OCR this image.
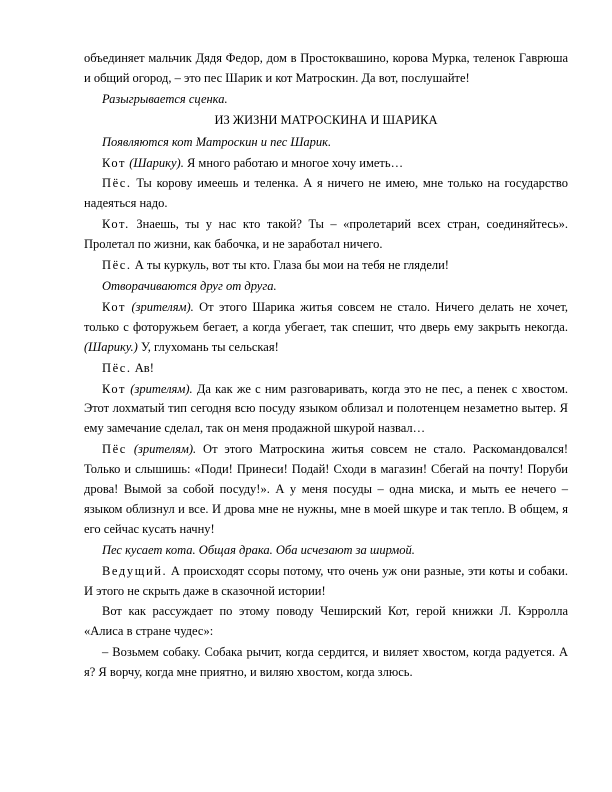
объединяет мальчик Дядя Федор, дом в Простоквашино, корова Мурка, теленок Гаврюша и общий огород, – это пес Шарик и кот Матроскин. Да вот, послушайте!

Разыгрывается сценка.

ИЗ ЖИЗНИ МАТРОСКИНА И ШАРИКА

Появляются кот Матроскин и пес Шарик.

Кот (Шарику). Я много работаю и многое хочу иметь…

Пёс. Ты корову имеешь и теленка. А я ничего не имею, мне только на государство надеяться надо.

Кот. Знаешь, ты у нас кто такой? Ты – «пролетарий всех стран, соединяйтесь». Пролетал по жизни, как бабочка, и не заработал ничего.

Пёс. А ты куркуль, вот ты кто. Глаза бы мои на тебя не глядели!

Отворачиваются друг от друга.

Кот (зрителям). От этого Шарика житья совсем не стало. Ничего делать не хочет, только с фоторужьем бегает, а когда убегает, так спешит, что дверь ему закрыть некогда. (Шарику.) У, глухомань ты сельская!

Пёс. Ав!

Кот (зрителям). Да как же с ним разговаривать, когда это не пес, а пенек с хвостом. Этот лохматый тип сегодня всю посуду языком облизал и полотенцем незаметно вытер. Я ему замечание сделал, так он меня продажной шкурой назвал…

Пёс (зрителям). От этого Матроскина житья совсем не стало. Раскомандовался! Только и слышишь: «Поди! Принеси! Подай! Сходи в магазин! Сбегай на почту! Поруби дрова! Вымой за собой посуду!». А у меня посуды – одна миска, и мыть ее нечего – языком облизнул и все. И дрова мне не нужны, мне в моей шкуре и так тепло. В общем, я его сейчас кусать начну!

Пес кусает кота. Общая драка. Оба исчезают за ширмой.

Ведущий. А происходят ссоры потому, что очень уж они разные, эти коты и собаки. И этого не скрыть даже в сказочной истории!

Вот как рассуждает по этому поводу Чеширский Кот, герой книжки Л. Кэрролла «Алиса в стране чудес»:

– Возьмем собаку. Собака рычит, когда сердится, и виляет хвостом, когда радуется. А я? Я ворчу, когда мне приятно, и виляю хвостом, когда злюсь.
